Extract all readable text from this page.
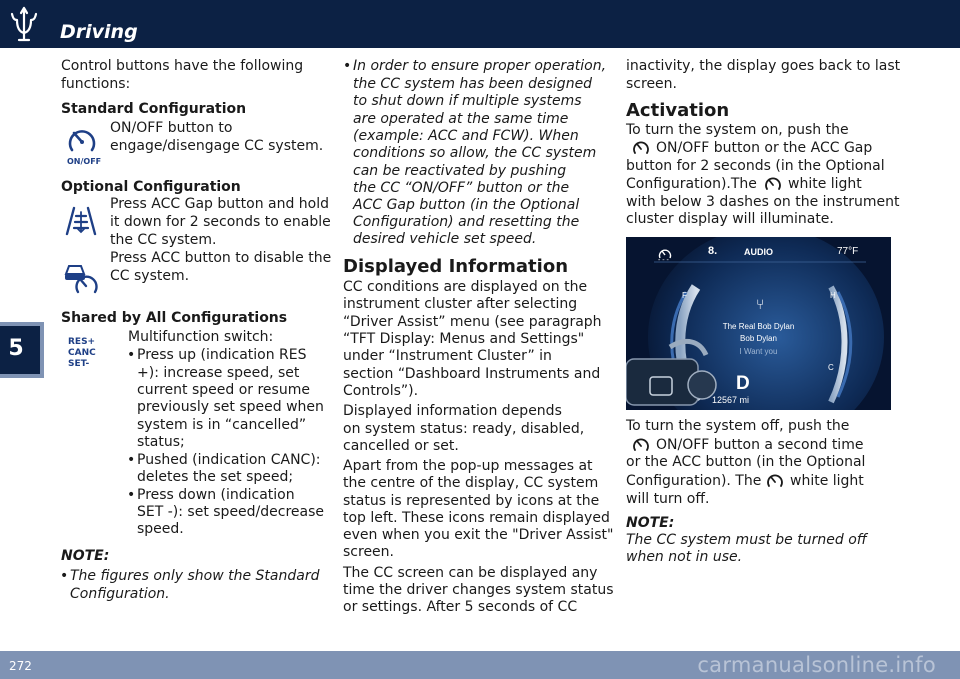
Driving
5
Control buttons have the following
functions:
Standard Configuration
ON/OFF
ON/OFF button to
engage/disengage CC system.
Optional Configuration
Press ACC Gap button and hold
it down for 2 seconds to enable
the CC system.
Press ACC button to disable the
CC system.
Shared by All Configurations
RES+
CANC
SET-
Multifunction switch:
• Press up (indication RES
+): increase speed, set
current speed or resume
previously set speed when
system is in “cancelled”
status;
• Pushed (indication CANC):
deletes the set speed;
• Press down (indication
SET -): set speed/decrease
speed.
NOTE:
• The figures only show the Standard
Configuration.
• In order to ensure proper operation,
the CC system has been designed
to shut down if multiple systems
are operated at the same time
(example: ACC and FCW). When
conditions so allow, the CC system
can be reactivated by pushing
the CC “ON/OFF” button or the
ACC Gap button (in the Optional
Configuration) and resetting the
desired vehicle set speed.
Displayed Information
CC conditions are displayed on the
instrument cluster after selecting
“Driver Assist” menu (see paragraph
“TFT Display: Menus and Settings"
under “Instrument Cluster” in
section “Dashboard Instruments and
Controls”).
Displayed information depends
on system status: ready, disabled,
cancelled or set.
Apart from the pop-up messages at
the centre of the display, CC system
status is represented by icons at the
top left. These icons remain displayed
even when you exit the "Driver Assist"
screen.
The CC screen can be displayed any
time the driver changes system status
or settings. After 5 seconds of CC
inactivity, the display goes back to last
screen.
Activation
To turn the system on, push the
ON/OFF button or the ACC Gap
button for 2 seconds (in the Optional
Configuration).The white light
with below 3 dashes on the instrument
cluster display will illuminate.
- - -
8.	AUDIO	77°F
F	H
C
⑂
The Real Bob Dylan
Bob Dylan
I Want you
D
12567 mi
To turn the system off, push the
ON/OFF button a second time
or the ACC button (in the Optional
Configuration). The white light
will turn off.
NOTE:
The CC system must be turned off
when not in use.
272	carmanualsonline.info
